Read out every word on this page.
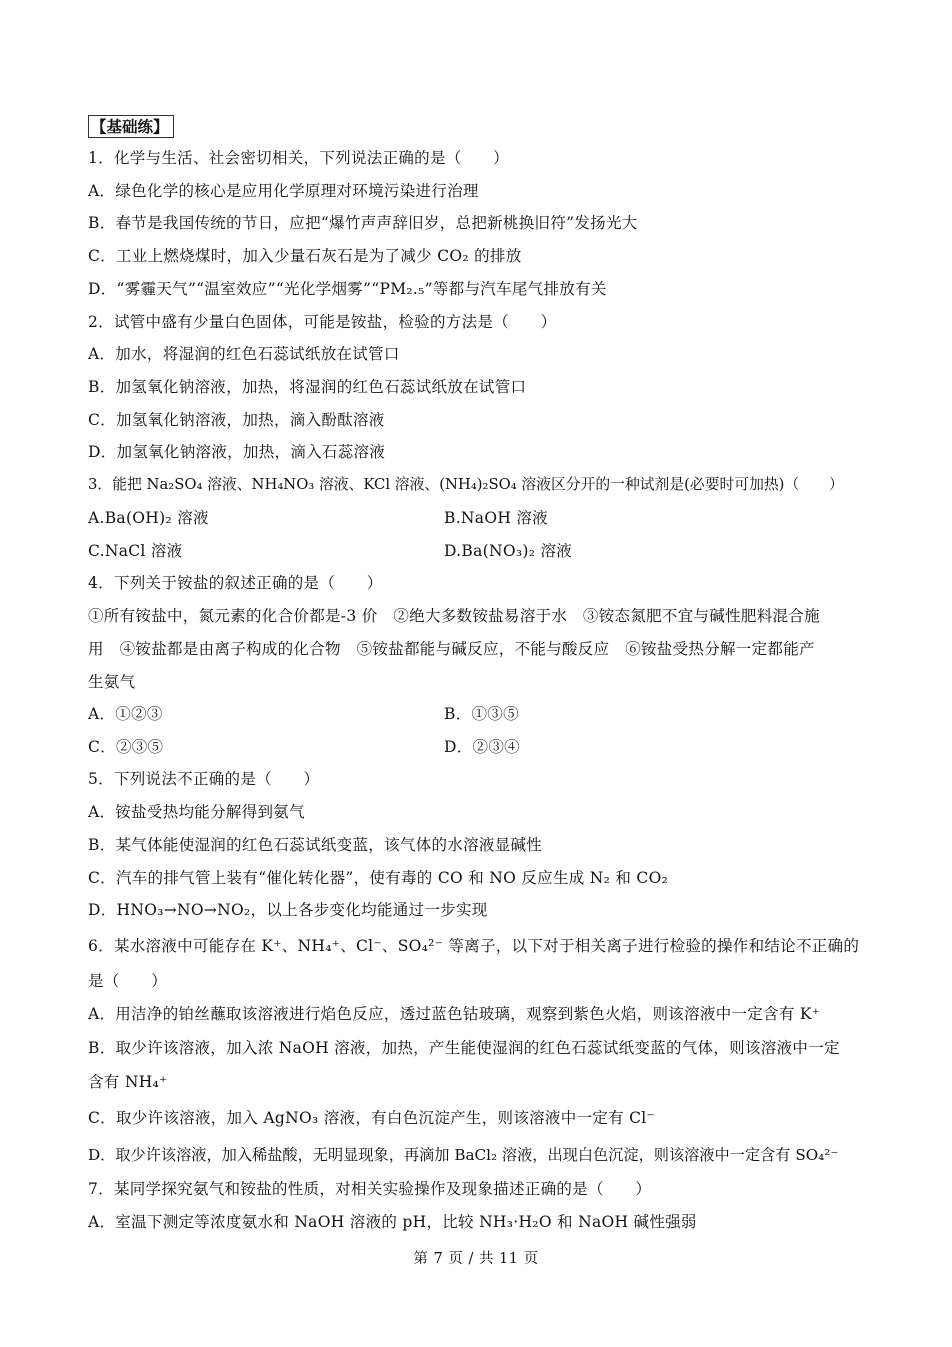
【基础练】
1．化学与生活、社会密切相关，下列说法正确的是（　　）
A．绿色化学的核心是应用化学原理对环境污染进行治理
B．春节是我国传统的节日，应把“爆竹声声辞旧岁，总把新桃换旧符”发扬光大
C．工业上燃烧煤时，加入少量石灰石是为了减少 CO₂ 的排放
D．“雾霾天气”“温室效应”“光化学烟雾”“PM₂.₅”等都与汽车尾气排放有关
2．试管中盛有少量白色固体，可能是铵盐，检验的方法是（　　）
A．加水，将湿润的红色石蕊试纸放在试管口
B．加氢氧化钠溶液，加热，将湿润的红色石蕊试纸放在试管口
C．加氢氧化钠溶液，加热，滴入酚酞溶液
D．加氢氧化钠溶液，加热，滴入石蕊溶液
3．能把 Na₂SO₄ 溶液、NH₄NO₃ 溶液、KCl 溶液、(NH₄)₂SO₄ 溶液区分开的一种试剂是(必要时可加热)（　　）
A.Ba(OH)₂ 溶液	B.NaOH 溶液
C.NaCl 溶液	D.Ba(NO₃)₂ 溶液
4．下列关于铵盐的叙述正确的是（　　）
①所有铵盐中，氮元素的化合价都是-3 价　②绝大多数铵盐易溶于水　③铵态氮肥不宜与碱性肥料混合施
用　④铵盐都是由离子构成的化合物　⑤铵盐都能与碱反应，不能与酸反应　⑥铵盐受热分解一定都能产
生氨气
A．①②③	B．①③⑤
C．②③⑤	D．②③④
5．下列说法不正确的是（　　）
A．铵盐受热均能分解得到氨气
B．某气体能使湿润的红色石蕊试纸变蓝，该气体的水溶液显碱性
C．汽车的排气管上装有“催化转化器”，使有毒的 CO 和 NO 反应生成 N₂ 和 CO₂
D．HNO₃→NO→NO₂，以上各步变化均能通过一步实现
6．某水溶液中可能存在 K⁺、NH₄⁺、Cl⁻、SO₄²⁻ 等离子，以下对于相关离子进行检验的操作和结论不正确的
是（　　）
A．用洁净的铂丝蘸取该溶液进行焰色反应，透过蓝色钴玻璃，观察到紫色火焰，则该溶液中一定含有 K⁺
B．取少许该溶液，加入浓 NaOH 溶液，加热，产生能使湿润的红色石蕊试纸变蓝的气体，则该溶液中一定
含有 NH₄⁺
C．取少许该溶液，加入 AgNO₃ 溶液，有白色沉淀产生，则该溶液中一定有 Cl⁻
D．取少许该溶液，加入稀盐酸，无明显现象，再滴加 BaCl₂ 溶液，出现白色沉淀，则该溶液中一定含有 SO₄²⁻
7．某同学探究氨气和铵盐的性质，对相关实验操作及现象描述正确的是（　　）
A．室温下测定等浓度氨水和 NaOH 溶液的 pH，比较 NH₃·H₂O 和 NaOH 碱性强弱
第 7 页 / 共 11 页
